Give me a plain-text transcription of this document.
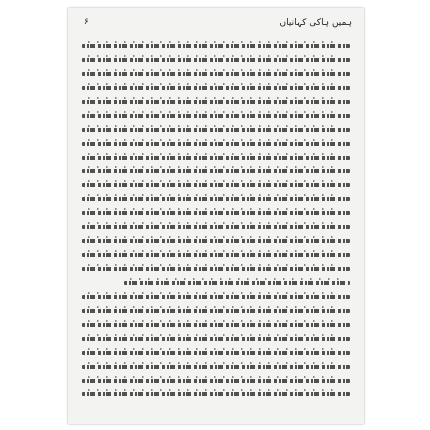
ہمیں ہاکی کہانیاں
۶
